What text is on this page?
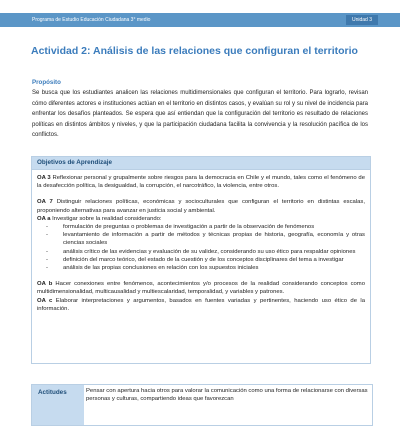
Programa de Estudio Educación Ciudadana 3° medio	Unidad 3
Actividad 2: Análisis de las relaciones que configuran el territorio
Propósito

Se busca que los estudiantes analicen las relaciones multidimensionales que configuran el territorio. Para lograrlo, revisan cómo diferentes actores e instituciones actúan en el territorio en distintos casos, y evalúan su rol y su nivel de incidencia para enfrentar los desafíos planteados. Se espera que así entiendan que la configuración del territorio es resultado de relaciones políticas en distintos ámbitos y niveles, y que la participación ciudadana facilita la convivencia y la resolución pacífica de los conflictos.

Objetivos de Aprendizaje

OA 3 Reflexionar personal y grupalmente sobre riesgos para la democracia en Chile y el mundo, tales como el fenómeno de la desafección política, la desigualdad, la corrupción, el narcotráfico, la violencia, entre otros.

OA 7 Distinguir relaciones políticas, económicas y socioculturales que configuran el territorio en distintas escalas, proponiendo alternativas para avanzar en justicia social y ambiental.

OA a Investigar sobre la realidad considerando:

- formulación de preguntas o problemas de investigación a partir de la observación de fenómenos
- levantamiento de información a partir de métodos y técnicas propias de historia, geografía, economía y otras ciencias sociales
- análisis crítico de las evidencias y evaluación de su validez, considerando su uso ético para respaldar opiniones
- definición del marco teórico, del estado de la cuestión y de los conceptos disciplinares del tema a investigar
- análisis de las propias conclusiones en relación con los supuestos iniciales

OA b Hacer conexiones entre fenómenos, acontecimientos y/o procesos de la realidad considerando conceptos como multidimensionalidad, multicausalidad y multiescalaridad, temporalidad, y variables y patrones.

OA c Elaborar interpretaciones y argumentos, basados en fuentes variadas y pertinentes, haciendo uso ético de la información.

Actitudes	Pensar con apertura hacia otros para valorar la comunicación como una forma de relacionarse con diversas personas y culturas, compartiendo ideas que favorezcan
